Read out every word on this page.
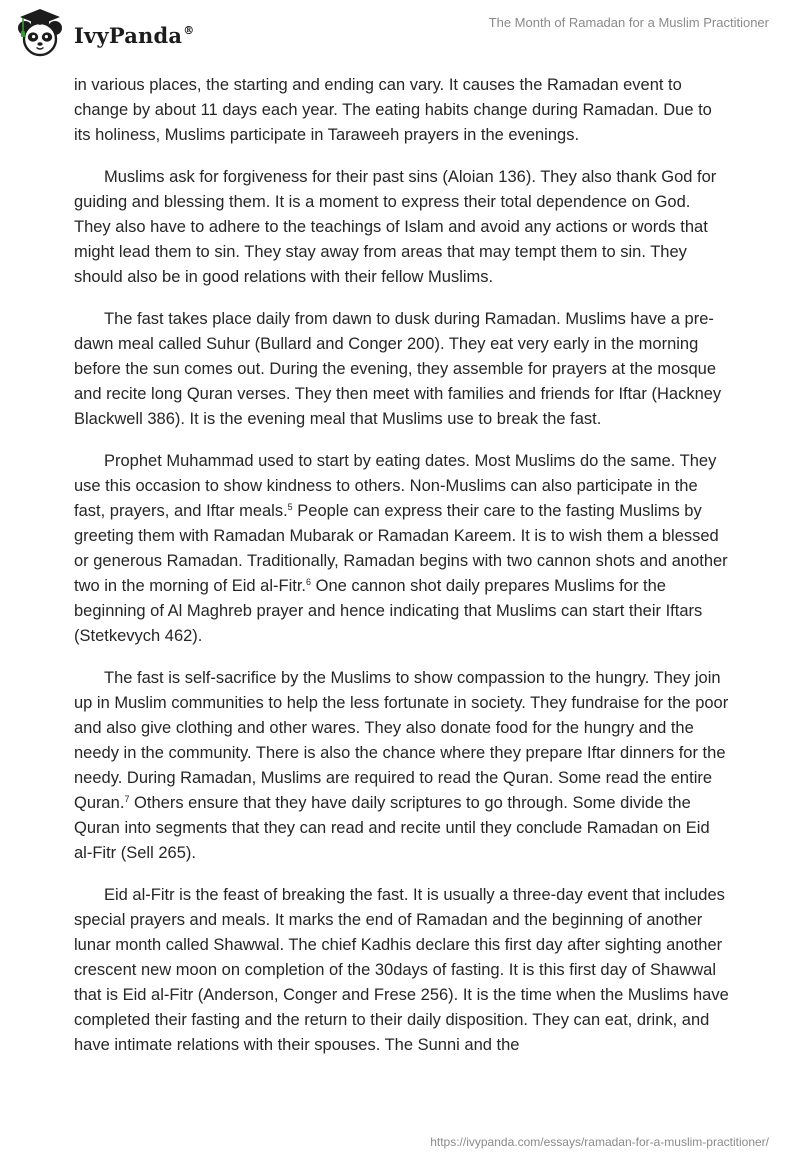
IvyPanda®
The Month of Ramadan for a Muslim Practitioner

in various places, the starting and ending can vary. It causes the Ramadan event to change by about 11 days each year. The eating habits change during Ramadan. Due to its holiness, Muslims participate in Taraweeh prayers in the evenings.

Muslims ask for forgiveness for their past sins (Aloian 136). They also thank God for guiding and blessing them. It is a moment to express their total dependence on God. They also have to adhere to the teachings of Islam and avoid any actions or words that might lead them to sin. They stay away from areas that may tempt them to sin. They should also be in good relations with their fellow Muslims.

The fast takes place daily from dawn to dusk during Ramadan. Muslims have a pre-dawn meal called Suhur (Bullard and Conger 200). They eat very early in the morning before the sun comes out. During the evening, they assemble for prayers at the mosque and recite long Quran verses. They then meet with families and friends for Iftar (Hackney Blackwell 386). It is the evening meal that Muslims use to break the fast.

Prophet Muhammad used to start by eating dates. Most Muslims do the same. They use this occasion to show kindness to others. Non-Muslims can also participate in the fast, prayers, and Iftar meals.$^5$ People can express their care to the fasting Muslims by greeting them with Ramadan Mubarak or Ramadan Kareem. It is to wish them a blessed or generous Ramadan. Traditionally, Ramadan begins with two cannon shots and another two in the morning of Eid al-Fitr.$^6$ One cannon shot daily prepares Muslims for the beginning of Al Maghreb prayer and hence indicating that Muslims can start their Iftars (Stetkevych 462).

The fast is self-sacrifice by the Muslims to show compassion to the hungry. They join up in Muslim communities to help the less fortunate in society. They fundraise for the poor and also give clothing and other wares. They also donate food for the hungry and the needy in the community. There is also the chance where they prepare Iftar dinners for the needy. During Ramadan, Muslims are required to read the Quran. Some read the entire Quran.$^7$ Others ensure that they have daily scriptures to go through. Some divide the Quran into segments that they can read and recite until they conclude Ramadan on Eid al-Fitr (Sell 265).

Eid al-Fitr is the feast of breaking the fast. It is usually a three-day event that includes special prayers and meals. It marks the end of Ramadan and the beginning of another lunar month called Shawwal. The chief Kadhis declare this first day after sighting another crescent new moon on completion of the 30days of fasting. It is this first day of Shawwal that is Eid al-Fitr (Anderson, Conger and Frese 256). It is the time when the Muslims have completed their fasting and the return to their daily disposition. They can eat, drink, and have intimate relations with their spouses. The Sunni and the

https://ivypanda.com/essays/ramadan-for-a-muslim-practitioner/
